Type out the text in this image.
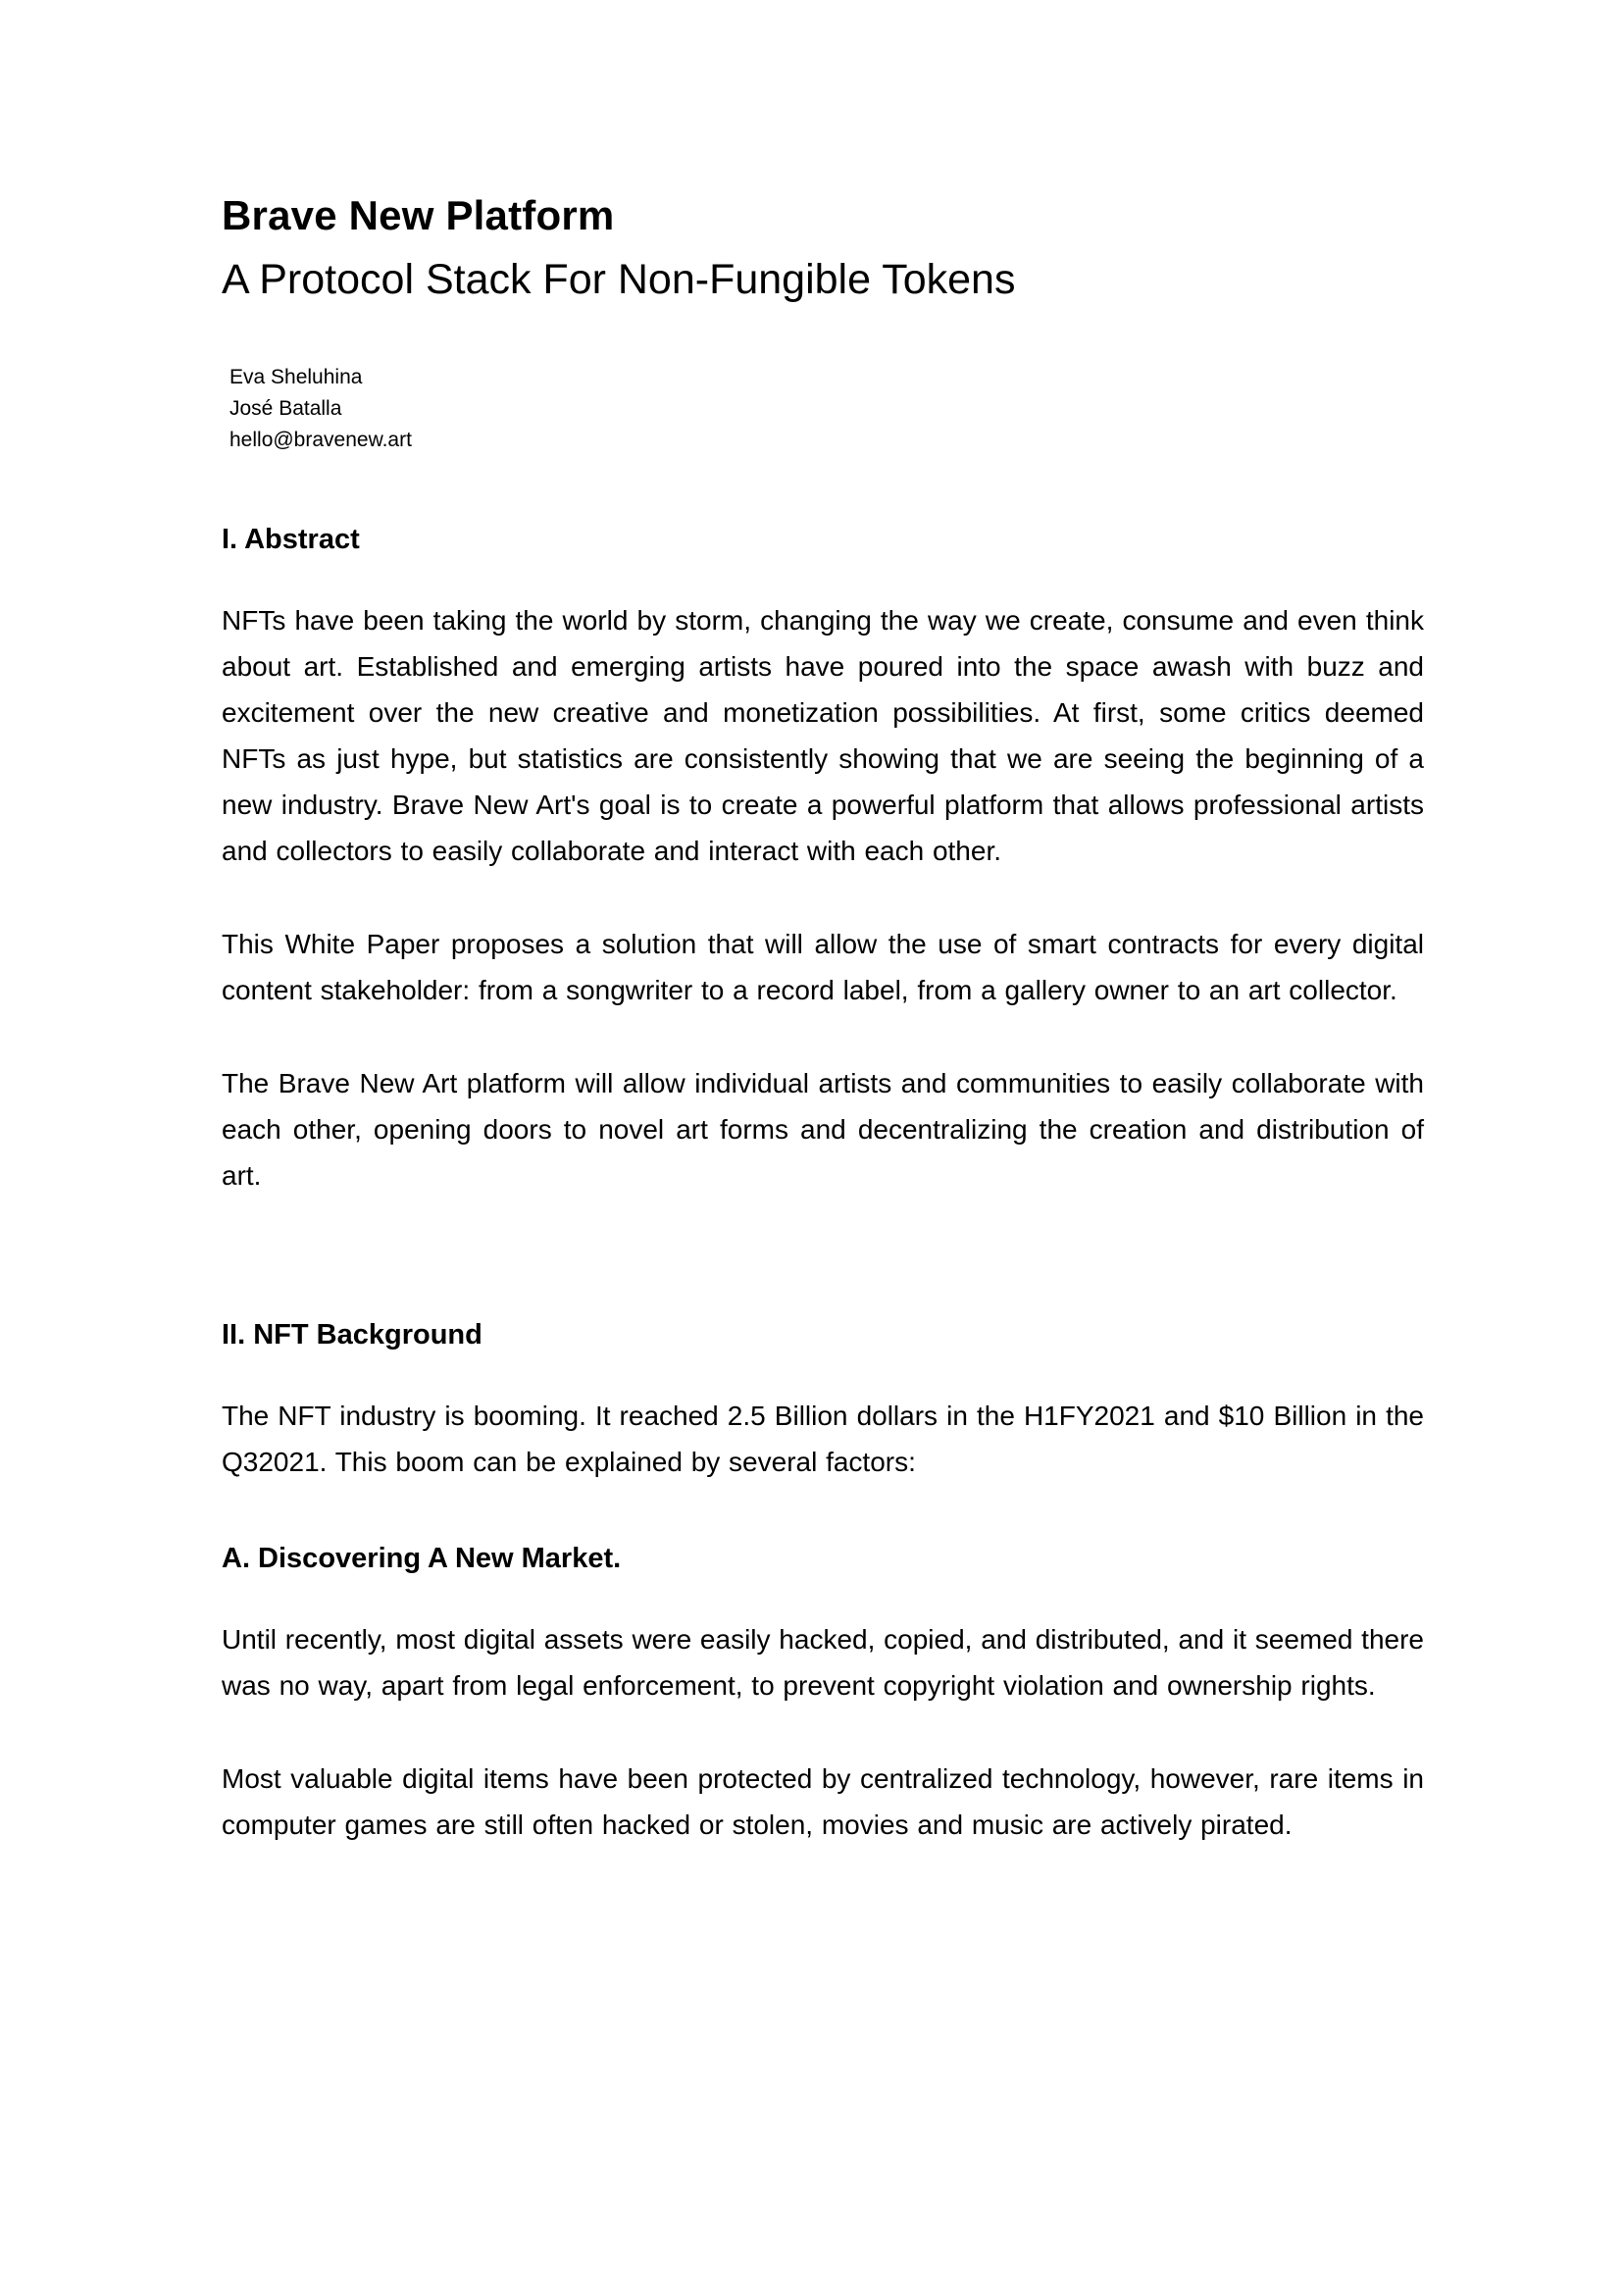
Brave New Platform
A Protocol Stack For Non-Fungible Tokens
Eva Sheluhina
José Batalla
hello@bravenew.art
I. Abstract

NFTs have been taking the world by storm, changing the way we create, consume and even think about art. Established and emerging artists have poured into the space awash with buzz and excitement over the new creative and monetization possibilities. At first, some critics deemed NFTs as just hype, but statistics are consistently showing that we are seeing the beginning of a new industry. Brave New Art's goal is to create a powerful platform that allows professional artists and collectors to easily collaborate and interact with each other.

This White Paper proposes a solution that will allow the use of smart contracts for every digital content stakeholder: from a songwriter to a record label, from a gallery owner to an art collector.

The Brave New Art platform will allow individual artists and communities to easily collaborate with each other, opening doors to novel art forms and decentralizing the creation and distribution of art.

II. NFT Background

The NFT industry is booming. It reached 2.5 Billion dollars in the H1FY2021 and $10 Billion in the Q32021. This boom can be explained by several factors:

A. Discovering A New Market.

Until recently, most digital assets were easily hacked, copied, and distributed, and it seemed there was no way, apart from legal enforcement, to prevent copyright violation and ownership rights.

Most valuable digital items have been protected by centralized technology, however, rare items in computer games are still often hacked or stolen, movies and music are actively pirated.
